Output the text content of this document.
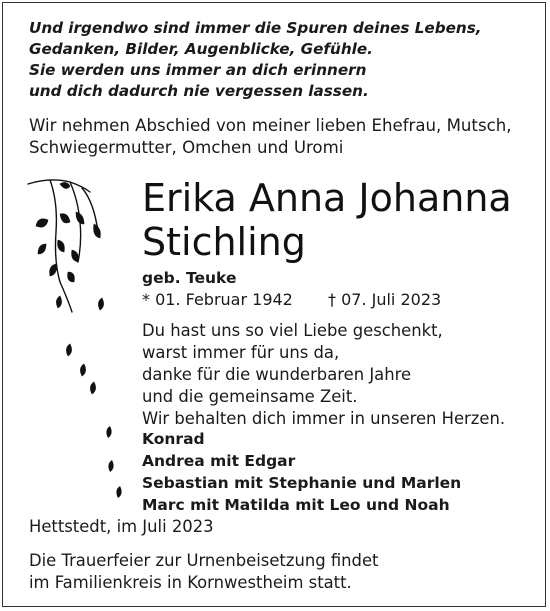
Und irgendwo sind immer die Spuren deines Lebens,
Gedanken, Bilder, Augenblicke, Gefühle.
Sie werden uns immer an dich erinnern
und dich dadurch nie vergessen lassen.
Wir nehmen Abschied von meiner lieben Ehefrau, Mutsch,
Schwiegermutter, Omchen und Uromi
Erika Anna Johanna
Stichling
geb. Teuke
* 01. Februar 1942 † 07. Juli 2023
Du hast uns so viel Liebe geschenkt,
warst immer für uns da,
danke für die wunderbaren Jahre
und die gemeinsame Zeit.
Wir behalten dich immer in unseren Herzen.
Konrad
Andrea mit Edgar
Sebastian mit Stephanie und Marlen
Marc mit Matilda mit Leo und Noah
Hettstedt, im Juli 2023
Die Trauerfeier zur Urnenbeisetzung findet
im Familienkreis in Kornwestheim statt.
